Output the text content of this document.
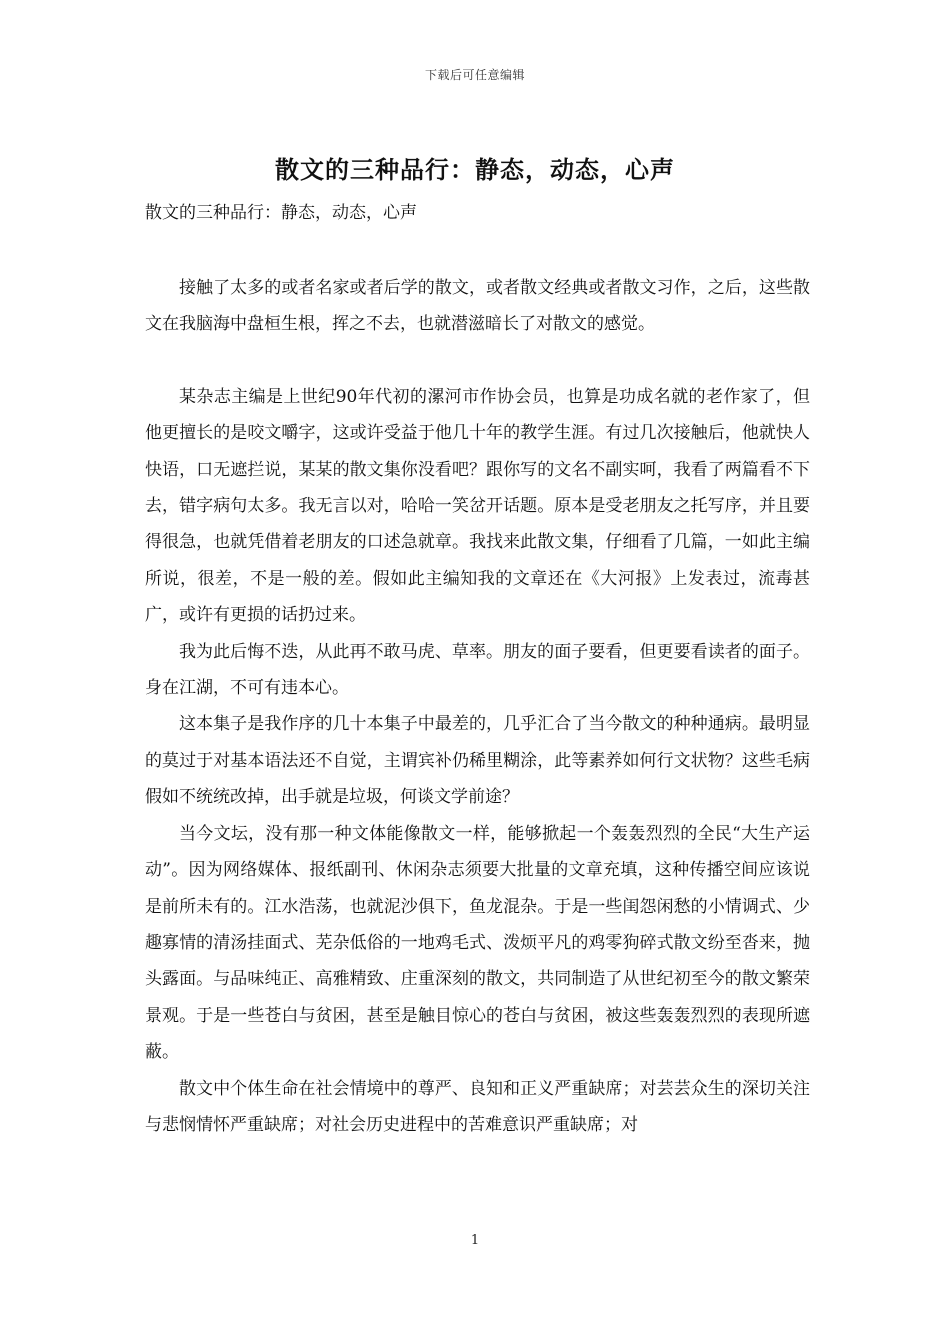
下载后可任意编辑
散文的三种品行：静态，动态，心声
散文的三种品行：静态，动态，心声

接触了太多的或者名家或者后学的散文，或者散文经典或者散文习作，之后，这些散文在我脑海中盘桓生根，挥之不去，也就潜滋暗长了对散文的感觉。

某杂志主编是上世纪90年代初的漯河市作协会员，也算是功成名就的老作家了，但他更擅长的是咬文嚼字，这或许受益于他几十年的教学生涯。有过几次接触后，他就快人快语，口无遮拦说，某某的散文集你没看吧？跟你写的文名不副实呵，我看了两篇看不下去，错字病句太多。我无言以对，哈哈一笑岔开话题。原本是受老朋友之托写序，并且要得很急，也就凭借着老朋友的口述急就章。我找来此散文集，仔细看了几篇，一如此主编所说，很差，不是一般的差。假如此主编知我的文章还在《大河报》上发表过，流毒甚广，或许有更损的话扔过来。

我为此后悔不迭，从此再不敢马虎、草率。朋友的面子要看，但更要看读者的面子。身在江湖，不可有违本心。

这本集子是我作序的几十本集子中最差的，几乎汇合了当今散文的种种通病。最明显的莫过于对基本语法还不自觉，主谓宾补仍稀里糊涂，此等素养如何行文状物？这些毛病假如不统统改掉，出手就是垃圾，何谈文学前途？

当今文坛，没有那一种文体能像散文一样，能够掀起一个轰轰烈烈的全民“大生产运动”。因为网络媒体、报纸副刊、休闲杂志须要大批量的文章充填，这种传播空间应该说是前所未有的。江水浩荡，也就泥沙俱下，鱼龙混杂。于是一些闺怨闲愁的小情调式、少趣寡情的清汤挂面式、芜杂低俗的一地鸡毛式、泼烦平凡的鸡零狗碎式散文纷至沓来，抛头露面。与品味纯正、高雅精致、庄重深刻的散文，共同制造了从世纪初至今的散文繁荣景观。于是一些苍白与贫困，甚至是触目惊心的苍白与贫困，被这些轰轰烈烈的表现所遮蔽。

散文中个体生命在社会情境中的尊严、良知和正义严重缺席；对芸芸众生的深切关注与悲悯情怀严重缺席；对社会历史进程中的苦难意识严重缺席；对

1
